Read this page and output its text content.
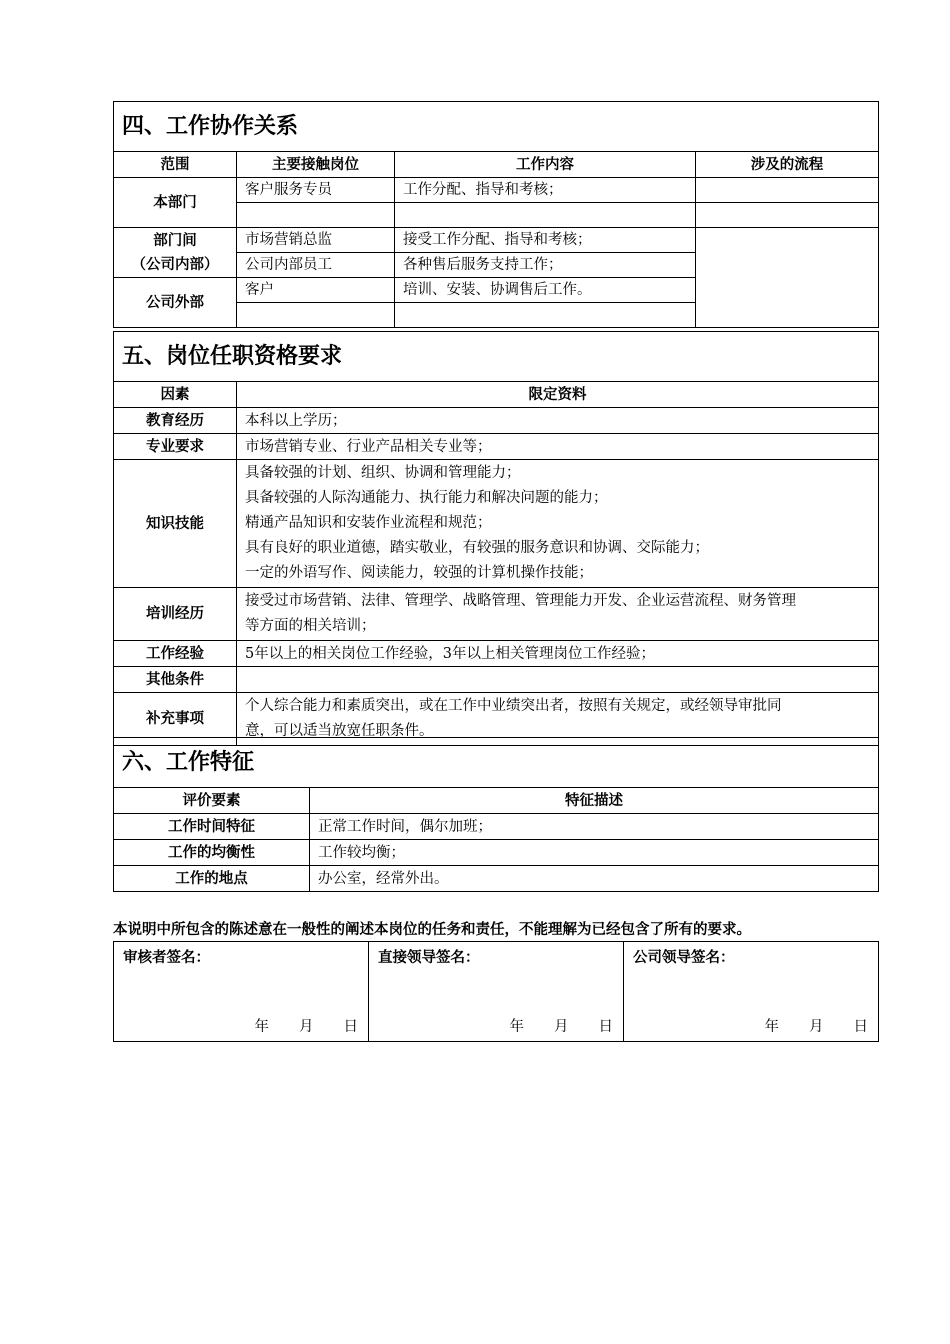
四、工作协作关系			
范围	主要接触岗位	工作内容	涉及的流程
本部门	客户服务专员	工作分配、指导和考核；	

部门间
（公司内部）	市场营销总监	接受工作分配、指导和考核；	
	公司内部员工	各种售后服务支持工作；	
公司外部	客户	培训、安装、协调售后工作。	

五、岗位任职资格要求	
因素	限定资料
教育经历	本科以上学历；
专业要求	市场营销专业、行业产品相关专业等；
知识技能	具备较强的计划、组织、协调和管理能力；
具备较强的人际沟通能力、执行能力和解决问题的能力；
精通产品知识和安装作业流程和规范；
具有良好的职业道德，踏实敬业，有较强的服务意识和协调、交际能力；
一定的外语写作、阅读能力，较强的计算机操作技能；

培训经历	接受过市场营销、法律、管理学、战略管理、管理能力开发、企业运营流程、财务管理
等方面的相关培训；

工作经验	5年以上的相关岗位工作经验，3年以上相关管理岗位工作经验；
其他条件	
补充事项	个人综合能力和素质突出，或在工作中业绩突出者，按照有关规定，或经领导审批同
意，可以适当放宽任职条件。
六、工作特征	
评价要素	特征描述
工作时间特征	正常工作时间，偶尔加班；
工作的均衡性	工作较均衡；
工作的地点	办公室，经常外出。
本说明中所包含的陈述意在一般性的阐述本岗位的任务和责任，不能理解为已经包含了所有的要求。
审核者签名：
年 月 日

直接领导签名：
年 月 日

公司领导签名：
年 月 日
